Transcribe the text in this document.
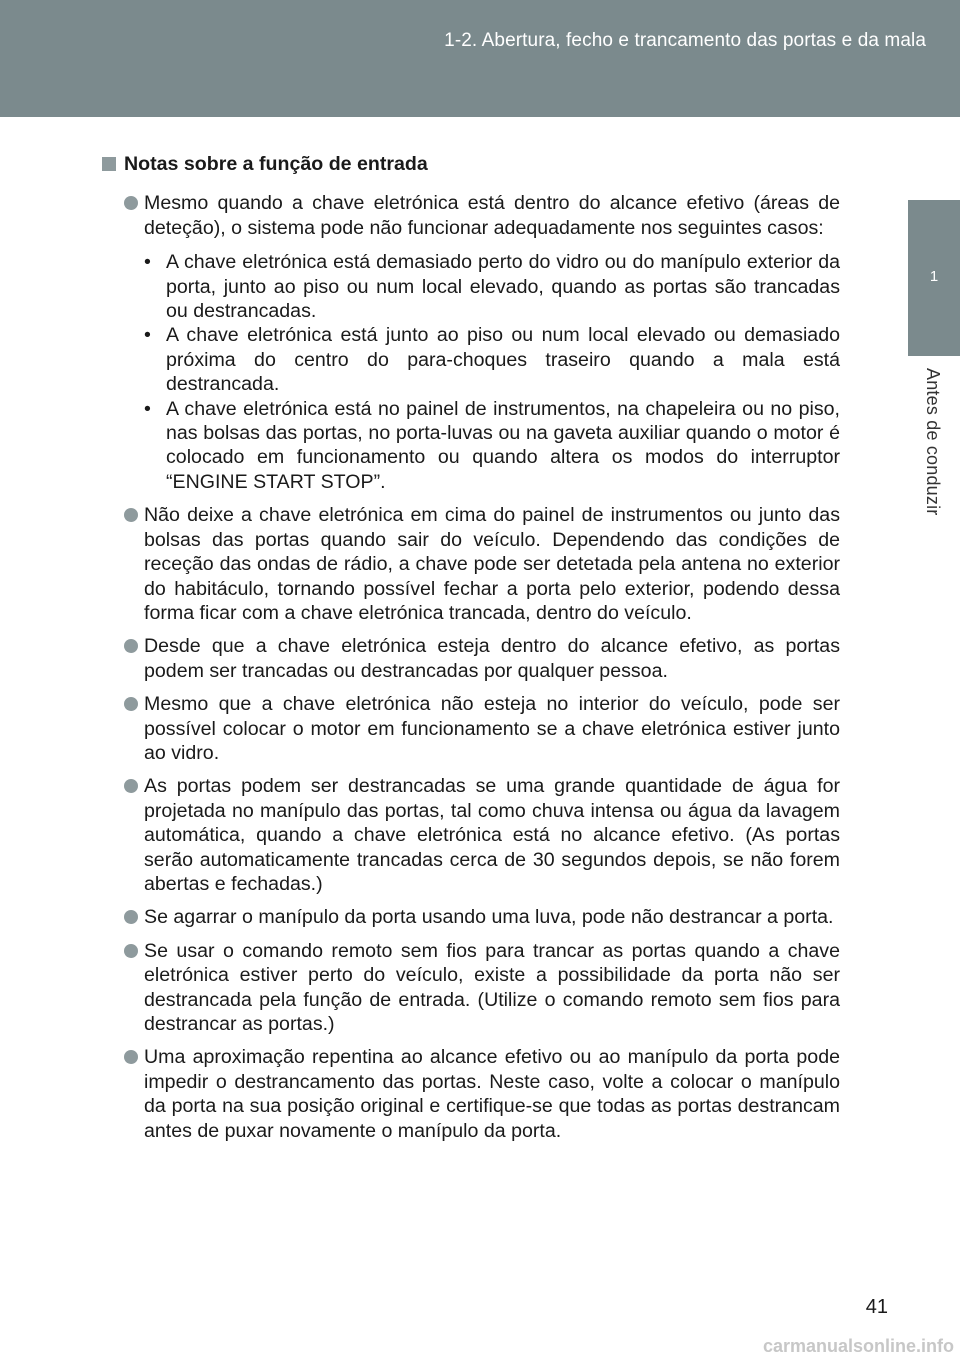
1-2. Abertura, fecho e trancamento das portas e da mala
1
Antes de conduzir
Notas sobre a função de entrada
Mesmo quando a chave eletrónica está dentro do alcance efetivo (áreas de deteção), o sistema pode não funcionar adequadamente nos seguintes casos:
• A chave eletrónica está demasiado perto do vidro ou do manípulo exterior da porta, junto ao piso ou num local elevado, quando as portas são trancadas ou destrancadas.
• A chave eletrónica está junto ao piso ou num local elevado ou demasiado próxima do centro do para-choques traseiro quando a mala está destrancada.
• A chave eletrónica está no painel de instrumentos, na chapeleira ou no piso, nas bolsas das portas, no porta-luvas ou na gaveta auxiliar quando o motor é colocado em funcionamento ou quando altera os modos do interruptor “ENGINE START STOP”.
Não deixe a chave eletrónica em cima do painel de instrumentos ou junto das bolsas das portas quando sair do veículo. Dependendo das condições de receção das ondas de rádio, a chave pode ser detetada pela antena no exterior do habitáculo, tornando possível fechar a porta pelo exterior, podendo dessa forma ficar com a chave eletrónica trancada, dentro do veículo.
Desde que a chave eletrónica esteja dentro do alcance efetivo, as portas podem ser trancadas ou destrancadas por qualquer pessoa.
Mesmo que a chave eletrónica não esteja no interior do veículo, pode ser possível colocar o motor em funcionamento se a chave eletrónica estiver junto ao vidro.
As portas podem ser destrancadas se uma grande quantidade de água for projetada no manípulo das portas, tal como chuva intensa ou água da lavagem automática, quando a chave eletrónica está no alcance efetivo. (As portas serão automaticamente trancadas cerca de 30 segundos depois, se não forem abertas e fechadas.)
Se agarrar o manípulo da porta usando uma luva, pode não destrancar a porta.
Se usar o comando remoto sem fios para trancar as portas quando a chave eletrónica estiver perto do veículo, existe a possibilidade da porta não ser destrancada pela função de entrada. (Utilize o comando remoto sem fios para destrancar as portas.)
Uma aproximação repentina ao alcance efetivo ou ao manípulo da porta pode impedir o destrancamento das portas. Neste caso, volte a colocar o manípulo da porta na sua posição original e certifique-se que todas as portas destrancam antes de puxar novamente o manípulo da porta.
41
carmanualsonline.info
